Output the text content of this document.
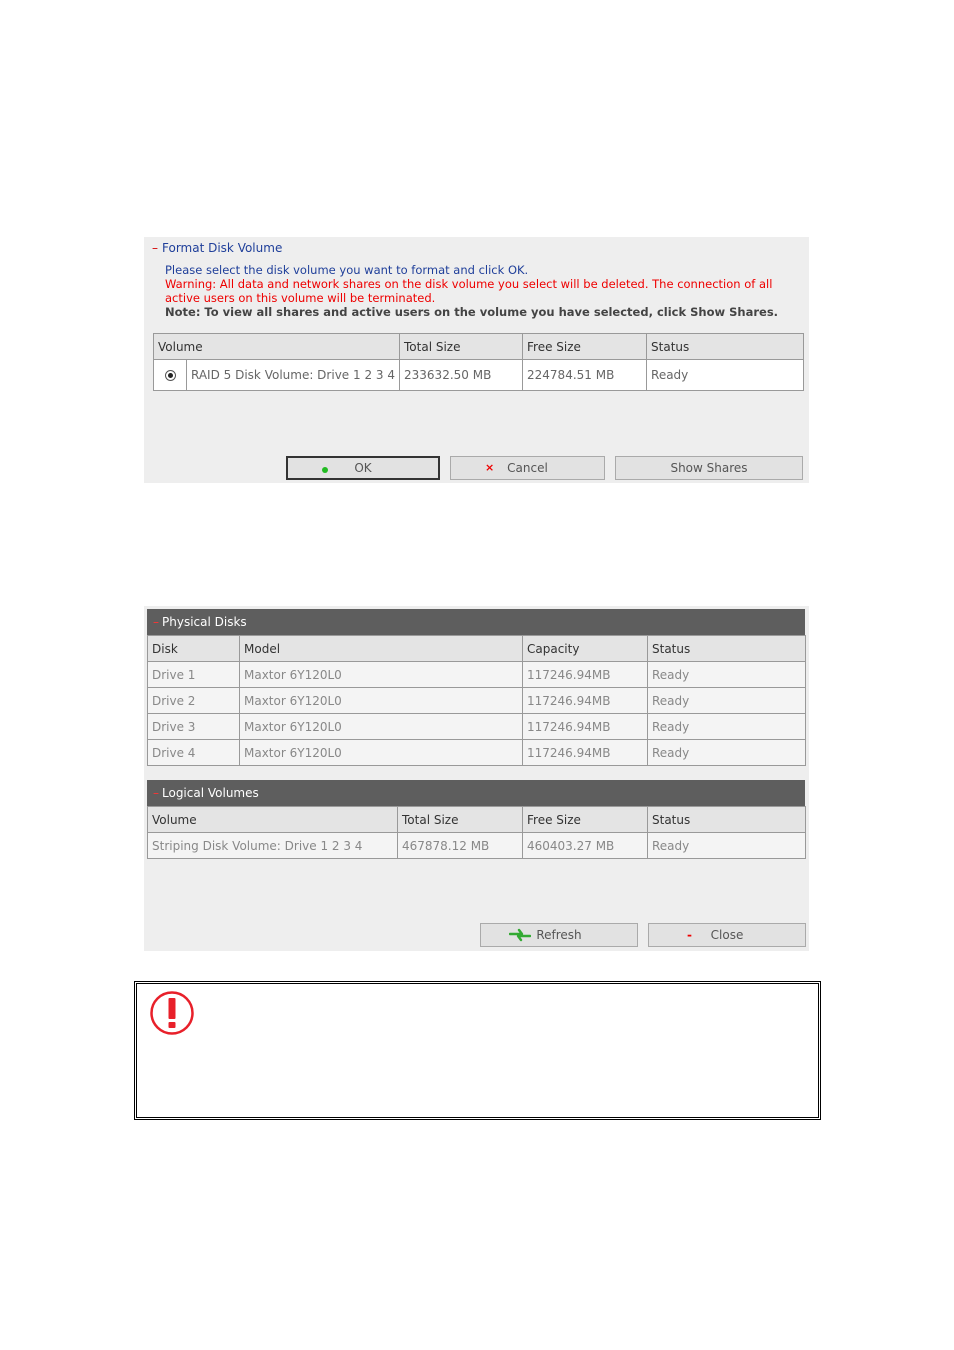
– Format Disk Volume
Please select the disk volume you want to format and click OK.
Warning: All data and network shares on the disk volume you select will be deleted. The connection of all active users on this volume will be terminated.
Note: To view all shares and active users on the volume you have selected, click Show Shares.
Volume		Total Size	Free Size	Status
	RAID 5 Disk Volume: Drive 1 2 3 4	233632.50 MB	224784.51 MB	Ready
OK	× Cancel	Show Shares
– Physical Disks
Disk	Model	Capacity	Status
Drive 1	Maxtor 6Y120L0	117246.94MB	Ready
Drive 2	Maxtor 6Y120L0	117246.94MB	Ready
Drive 3	Maxtor 6Y120L0	117246.94MB	Ready
Drive 4	Maxtor 6Y120L0	117246.94MB	Ready
– Logical Volumes
Volume	Total Size	Free Size	Status
Striping Disk Volume: Drive 1 2 3 4	467878.12 MB	460403.27 MB	Ready
Refresh	- Close
